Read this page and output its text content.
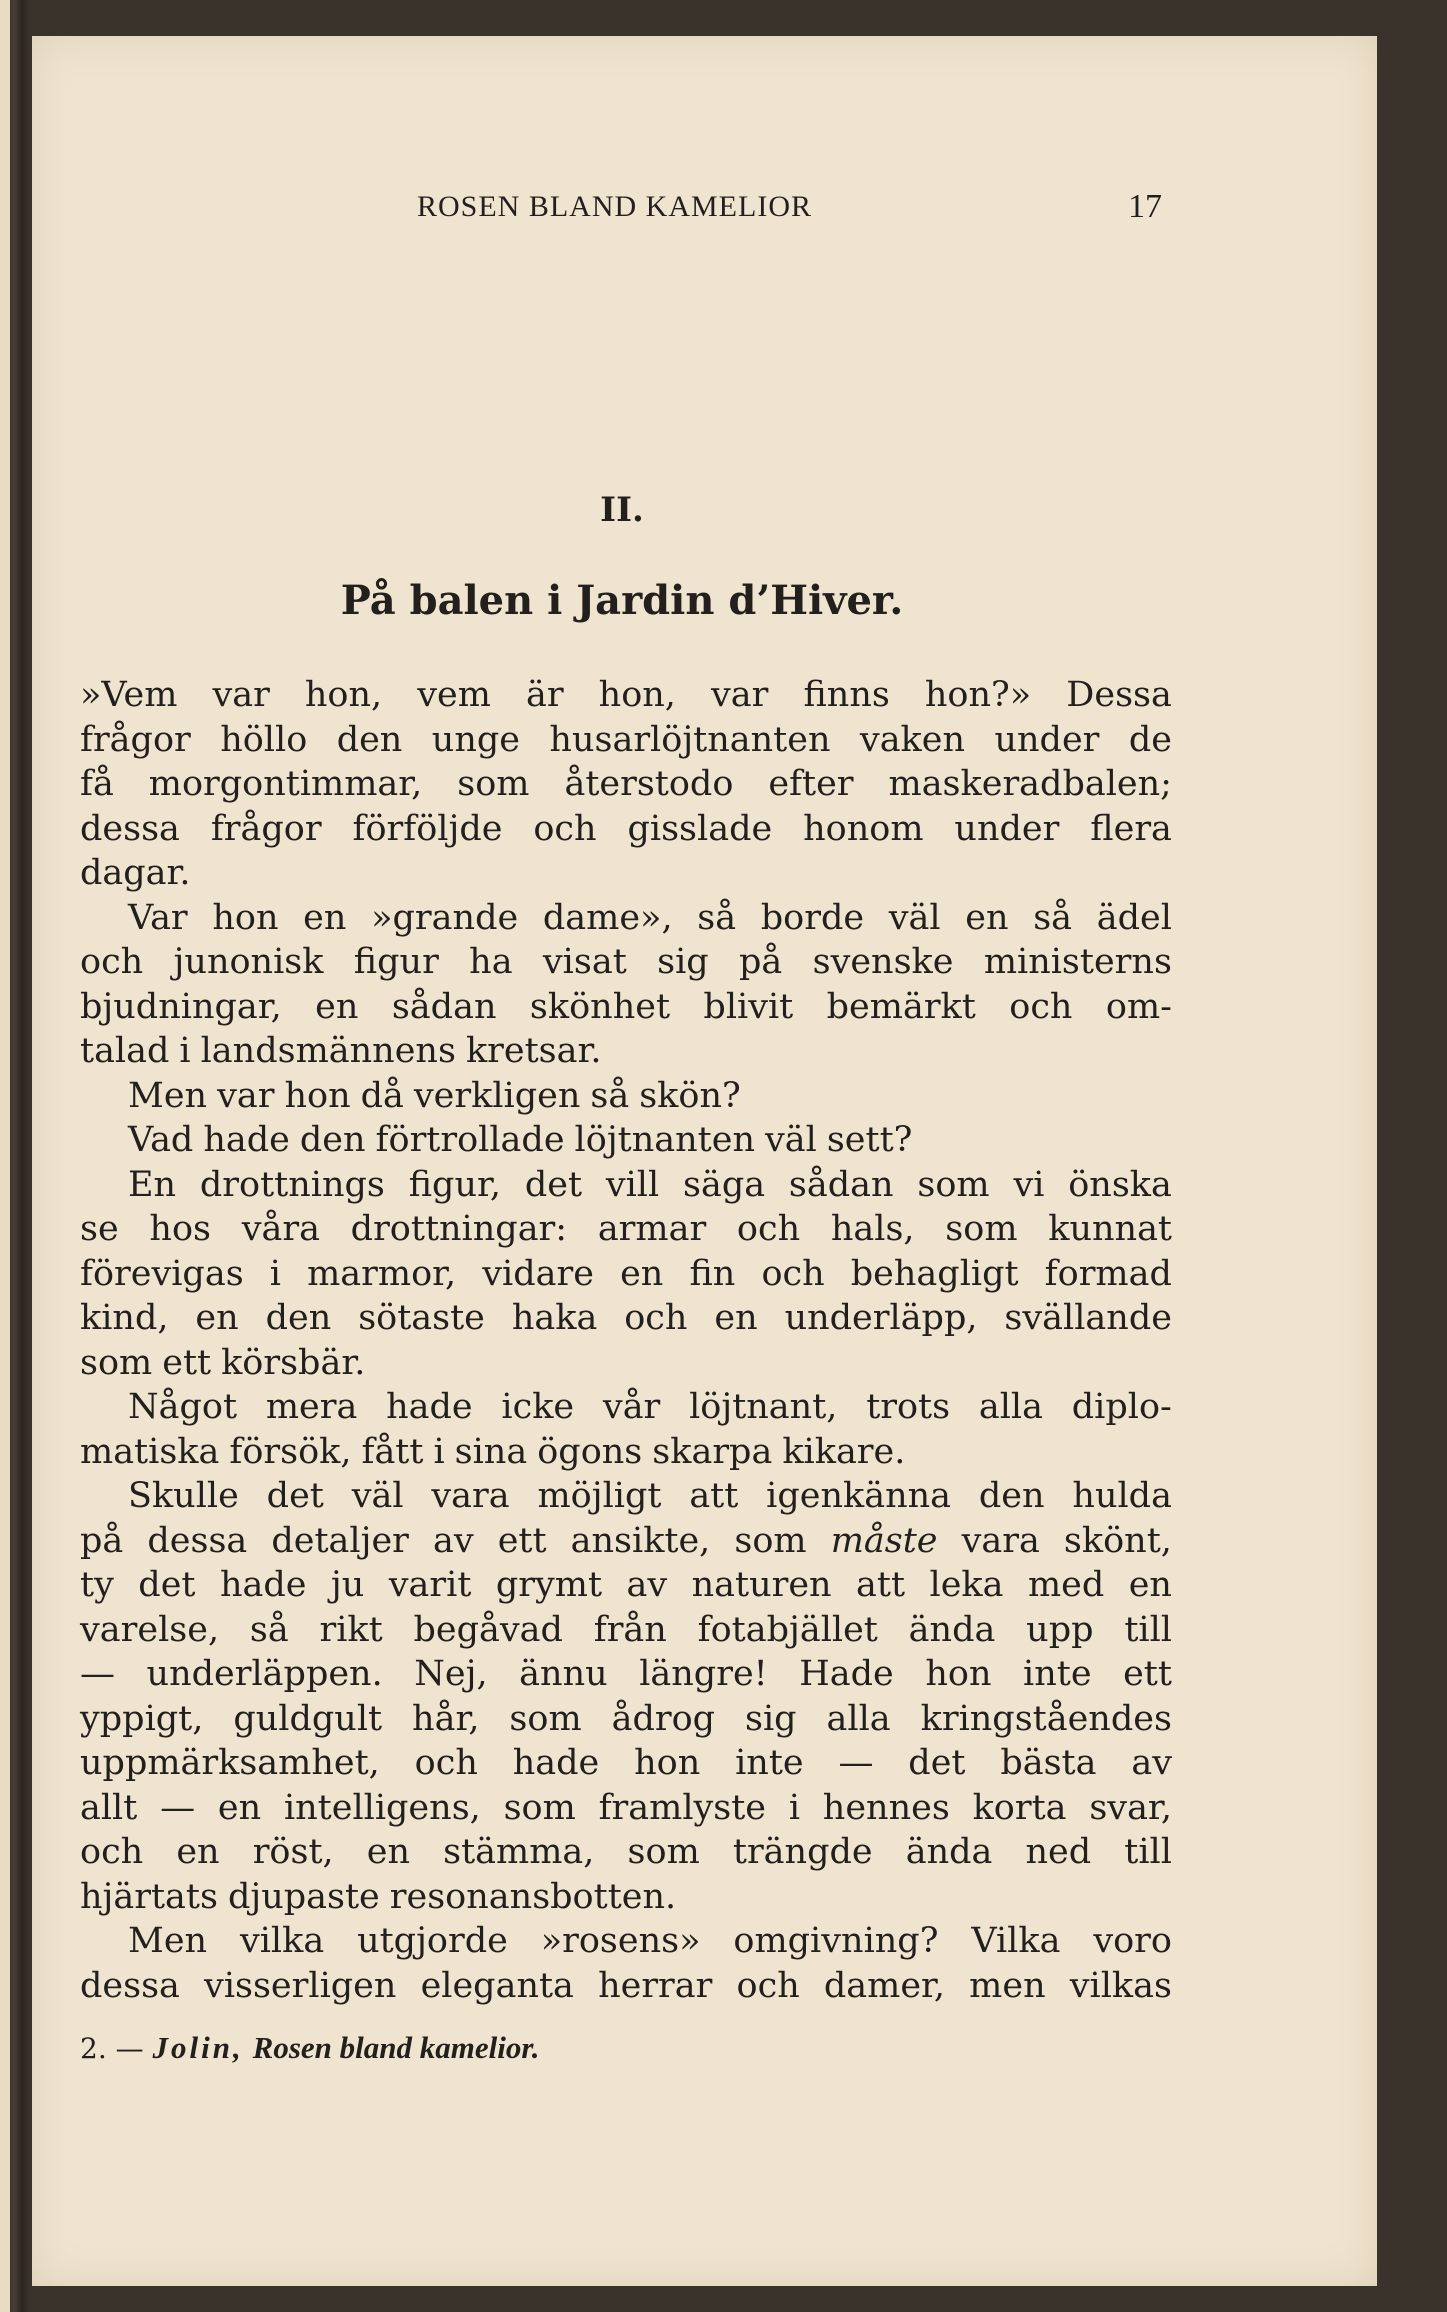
ROSEN BLAND KAMELIOR	17
II.
På balen i Jardin d’Hiver.
»Vem var hon, vem är hon, var finns hon?» Dessa
frågor höllo den unge husarlöjtnanten vaken under de
få morgontimmar, som återstodo efter maskeradbalen;
dessa frågor förföljde och gisslade honom under flera
dagar.
Var hon en »grande dame», så borde väl en så ädel
och junonisk figur ha visat sig på svenske ministerns
bjudningar, en sådan skönhet blivit bemärkt och om-
talad i landsmännens kretsar.
Men var hon då verkligen så skön?
Vad hade den förtrollade löjtnanten väl sett?
En drottnings figur, det vill säga sådan som vi önska
se hos våra drottningar: armar och hals, som kunnat
förevigas i marmor, vidare en fin och behagligt formad
kind, en den sötaste haka och en underläpp, svällande
som ett körsbär.
Något mera hade icke vår löjtnant, trots alla diplo-
matiska försök, fått i sina ögons skarpa kikare.
Skulle det väl vara möjligt att igenkänna den hulda
på dessa detaljer av ett ansikte, som måste vara skönt,
ty det hade ju varit grymt av naturen att leka med en
varelse, så rikt begåvad från fotabjället ända upp till
— underläppen. Nej, ännu längre! Hade hon inte ett
yppigt, guldgult hår, som ådrog sig alla kringståendes
uppmärksamhet, och hade hon inte — det bästa av
allt — en intelligens, som framlyste i hennes korta svar,
och en röst, en stämma, som trängde ända ned till
hjärtats djupaste resonansbotten.
Men vilka utgjorde »rosens» omgivning? Vilka voro
dessa visserligen eleganta herrar och damer, men vilkas
2. — Jolin, Rosen bland kamelior.
